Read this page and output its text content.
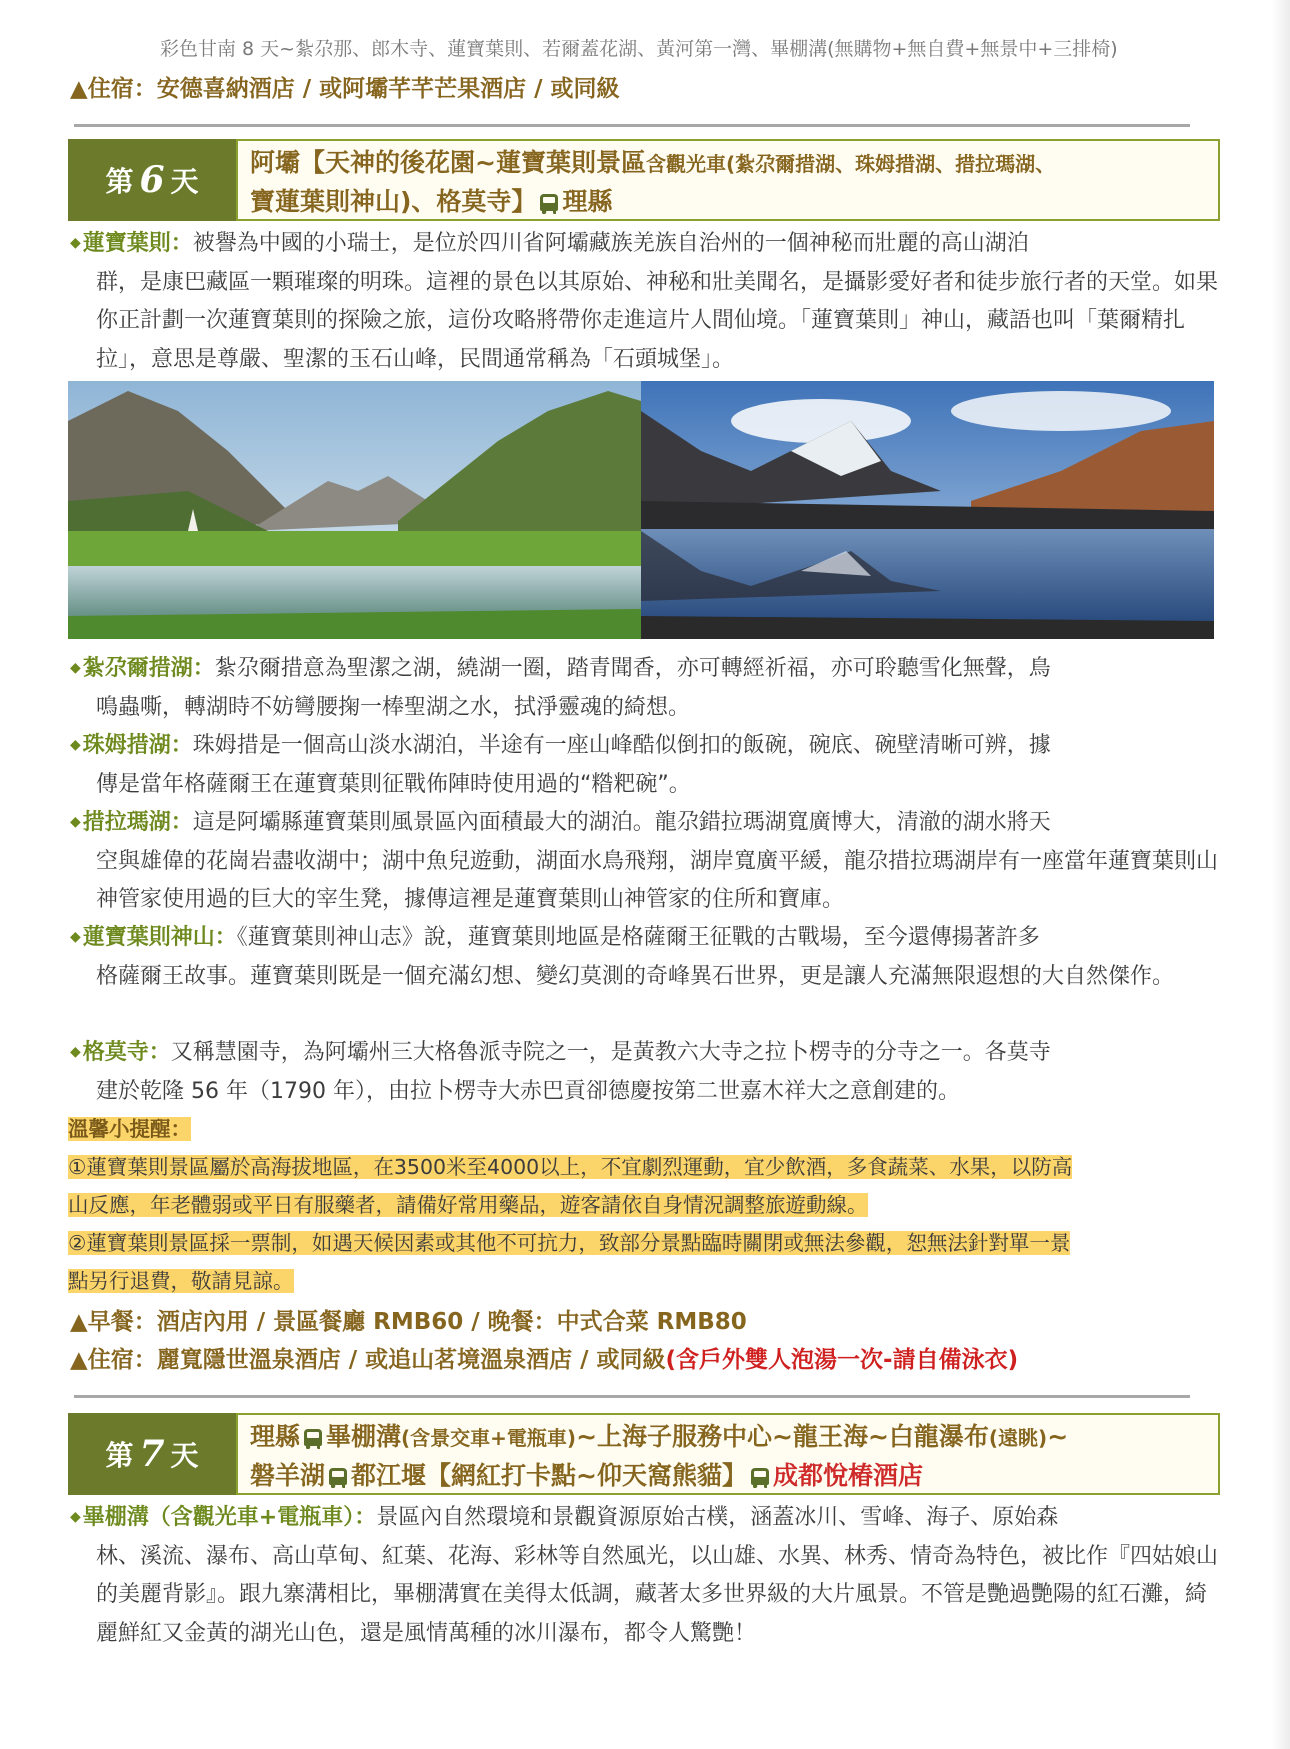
彩色甘南 8 天~紮尕那、郎木寺、蓮寶葉則、若爾蓋花湖、黃河第一灣、畢棚溝(無購物+無自費+無景中+三排椅)
▲住宿：安德喜納酒店 / 或阿壩芊芊芒果酒店 / 或同級
第 6 天
阿壩【天神的後花園~蓮寶葉則景區含觀光車(紮尕爾措湖、珠姆措湖、措拉瑪湖、
寶蓮葉則神山)、格莫寺】 理縣
◆蓮寶葉則：被譽為中國的小瑞士，是位於四川省阿壩藏族羌族自治州的一個神秘而壯麗的高山湖泊
群，是康巴藏區一顆璀璨的明珠。這裡的景色以其原始、神秘和壯美聞名，是攝影愛好者和徒步旅行者的天堂。如果你正計劃一次蓮寶葉則的探險之旅，這份攻略將帶你走進這片人間仙境。「蓮寶葉則」神山，藏語也叫「葉爾精扎拉」，意思是尊嚴、聖潔的玉石山峰，民間通常稱為「石頭城堡」。
◆紮尕爾措湖：紮尕爾措意為聖潔之湖，繞湖一圈，踏青聞香，亦可轉經祈福，亦可聆聽雪化無聲，鳥
鳴蟲嘶，轉湖時不妨彎腰掬一棒聖湖之水，拭淨靈魂的綺想。
◆珠姆措湖：珠姆措是一個高山淡水湖泊，半途有一座山峰酷似倒扣的飯碗，碗底、碗壁清晰可辨，據
傳是當年格薩爾王在蓮寶葉則征戰佈陣時使用過的“糌粑碗”。
◆措拉瑪湖：這是阿壩縣蓮寶葉則風景區內面積最大的湖泊。龍尕錯拉瑪湖寬廣博大，清澈的湖水將天
空與雄偉的花崗岩盡收湖中；湖中魚兒遊動，湖面水鳥飛翔，湖岸寬廣平緩，龍尕措拉瑪湖岸有一座當年蓮寶葉則山神管家使用過的巨大的宰生凳，據傳這裡是蓮寶葉則山神管家的住所和寶庫。
◆蓮寶葉則神山：《蓮寶葉則神山志》說，蓮寶葉則地區是格薩爾王征戰的古戰場，至今還傳揚著許多
格薩爾王故事。蓮寶葉則既是一個充滿幻想、變幻莫測的奇峰異石世界，更是讓人充滿無限遐想的大自然傑作。
◆格莫寺：又稱慧園寺，為阿壩州三大格魯派寺院之一，是黃教六大寺之拉卜楞寺的分寺之一。各莫寺
建於乾隆 56 年（1790 年），由拉卜楞寺大赤巴貢卻德慶按第二世嘉木祥大之意創建的。
溫馨小提醒：
①蓮寶葉則景區屬於高海拔地區，在3500米至4000以上，不宜劇烈運動，宜少飲酒，多食蔬菜、水果，以防高
山反應，年老體弱或平日有服藥者，請備好常用藥品，遊客請依自身情況調整旅遊動線。
②蓮寶葉則景區採一票制，如遇天候因素或其他不可抗力，致部分景點臨時關閉或無法參觀，恕無法針對單一景
點另行退費，敬請見諒。
▲早餐：酒店內用 / 景區餐廳 RMB60 / 晚餐：中式合菜 RMB80
▲住宿：麗寬隱世溫泉酒店 / 或追山茗境溫泉酒店 / 或同級(含戶外雙人泡湯一次-請自備泳衣)
第 7 天
理縣 畢棚溝(含景交車+電瓶車)~上海子服務中心~龍王海~白龍瀑布(遠眺)~
磐羊湖 都江堰【網紅打卡點~仰天窩熊貓】 成都悅椿酒店
◆畢棚溝（含觀光車+電瓶車）：景區內自然環境和景觀資源原始古樸，涵蓋冰川、雪峰、海子、原始森
林、溪流、瀑布、高山草甸、紅葉、花海、彩林等自然風光，以山雄、水異、林秀、情奇為特色，被比作『四姑娘山的美麗背影』。跟九寨溝相比，畢棚溝實在美得太低調，藏著太多世界級的大片風景。不管是艷過艷陽的紅石灘，綺麗鮮紅又金黃的湖光山色，還是風情萬種的冰川瀑布，都令人驚艷！
